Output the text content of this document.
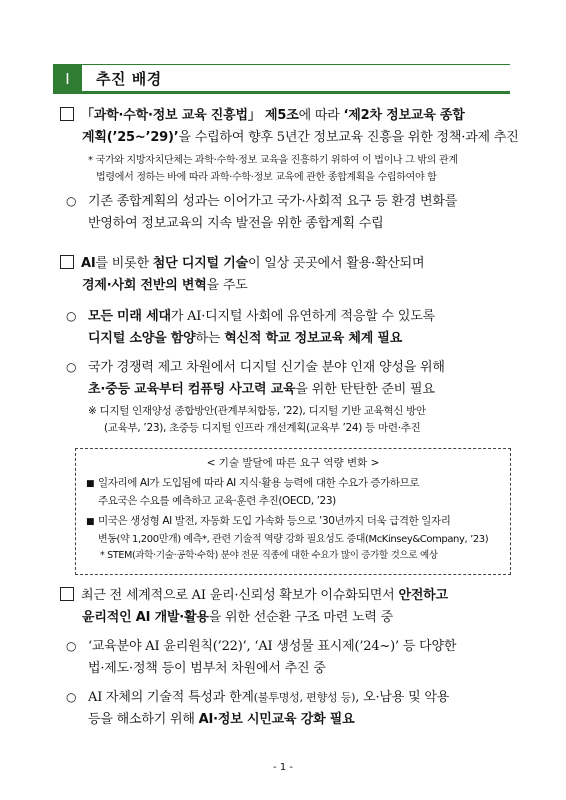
Ⅰ	추진 배경
「과학·수학·정보 교육 진흥법」 제5조에 따라 ‘제2차 정보교육 종합
계획(’25~’29)’을 수립하여 향후 5년간 정보교육 진흥을 위한 정책·과제 추진
* 국가와 지방자치단체는 과학·수학·정보 교육을 진흥하기 위하여 이 법이나 그 밖의 관계
법령에서 정하는 바에 따라 과학·수학·정보 교육에 관한 종합계획을 수립하여야 함
○ 기존 종합계획의 성과는 이어가고 국가·사회적 요구 등 환경 변화를
반영하여 정보교육의 지속 발전을 위한 종합계획 수립
AI를 비롯한 첨단 디지털 기술이 일상 곳곳에서 활용·확산되며
경제·사회 전반의 변혁을 주도
○ 모든 미래 세대가 AI·디지털 사회에 유연하게 적응할 수 있도록
디지털 소양을 함양하는 혁신적 학교 정보교육 체계 필요
○ 국가 경쟁력 제고 차원에서 디지털 신기술 분야 인재 양성을 위해
초·중등 교육부터 컴퓨팅 사고력 교육을 위한 탄탄한 준비 필요
※ 디지털 인재양성 종합방안(관계부처합동, ’22), 디지털 기반 교육혁신 방안
(교육부, ’23), 초중등 디지털 인프라 개선계획(교육부 ’24) 등 마련·추진
< 기술 발달에 따른 요구 역량 변화 >
■ 일자리에 AI가 도입됨에 따라 AI 지식·활용 능력에 대한 수요가 증가하므로
주요국은 수요를 예측하고 교육·훈련 추진(OECD, ’23)
■ 미국은 생성형 AI 발전, 자동화 도입 가속화 등으로 ’30년까지 더욱 급격한 일자리
변동(약 1,200만개) 예측*, 관련 기술적 역량 강화 필요성도 증대(McKinsey&Company, ’23)
* STEM(과학·기술·공학·수학) 분야 전문 직종에 대한 수요가 많이 증가할 것으로 예상
최근 전 세계적으로 AI 윤리·신뢰성 확보가 이슈화되면서 안전하고
윤리적인 AI 개발·활용을 위한 선순환 구조 마련 노력 중
○ ‘교육분야 AI 윤리원칙(’22)’, ‘AI 생성물 표시제(’24~)’ 등 다양한
법·제도·정책 등이 범부처 차원에서 추진 중
○ AI 자체의 기술적 특성과 한계(불투명성, 편향성 등), 오·남용 및 악용
등을 해소하기 위해 AI·정보 시민교육 강화 필요
- 1 -
